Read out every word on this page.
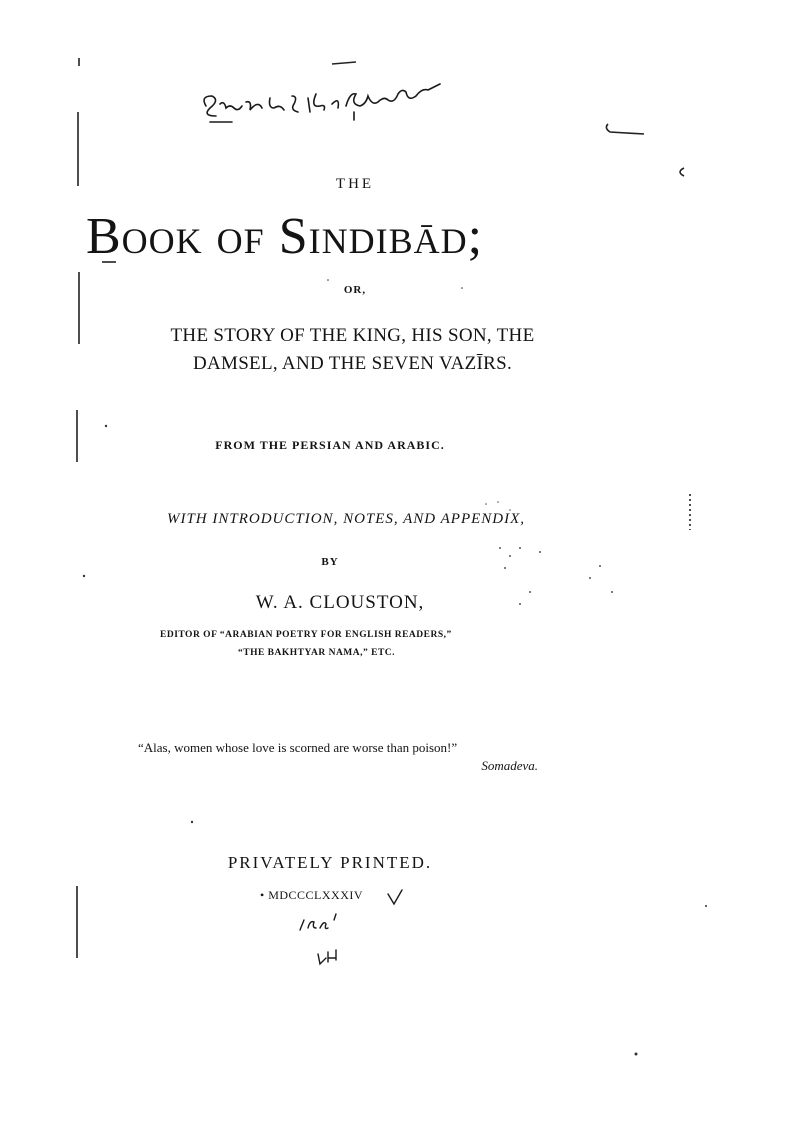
THE
Book of Sindibād;
OR,
THE STORY OF THE KING, HIS SON, THE
DAMSEL, AND THE SEVEN VAZĪRS.
FROM THE PERSIAN AND ARABIC.
WITH INTRODUCTION, NOTES, AND APPENDIX,
BY
W. A. CLOUSTON,
EDITOR OF “ARABIAN POETRY FOR ENGLISH READERS,”
“THE BAKHTYAR NAMA,” ETC.
“Alas, women whose love is scorned are worse than poison!”
Somadeva.
PRIVATELY PRINTED.
• MDCCCLXXXIV
